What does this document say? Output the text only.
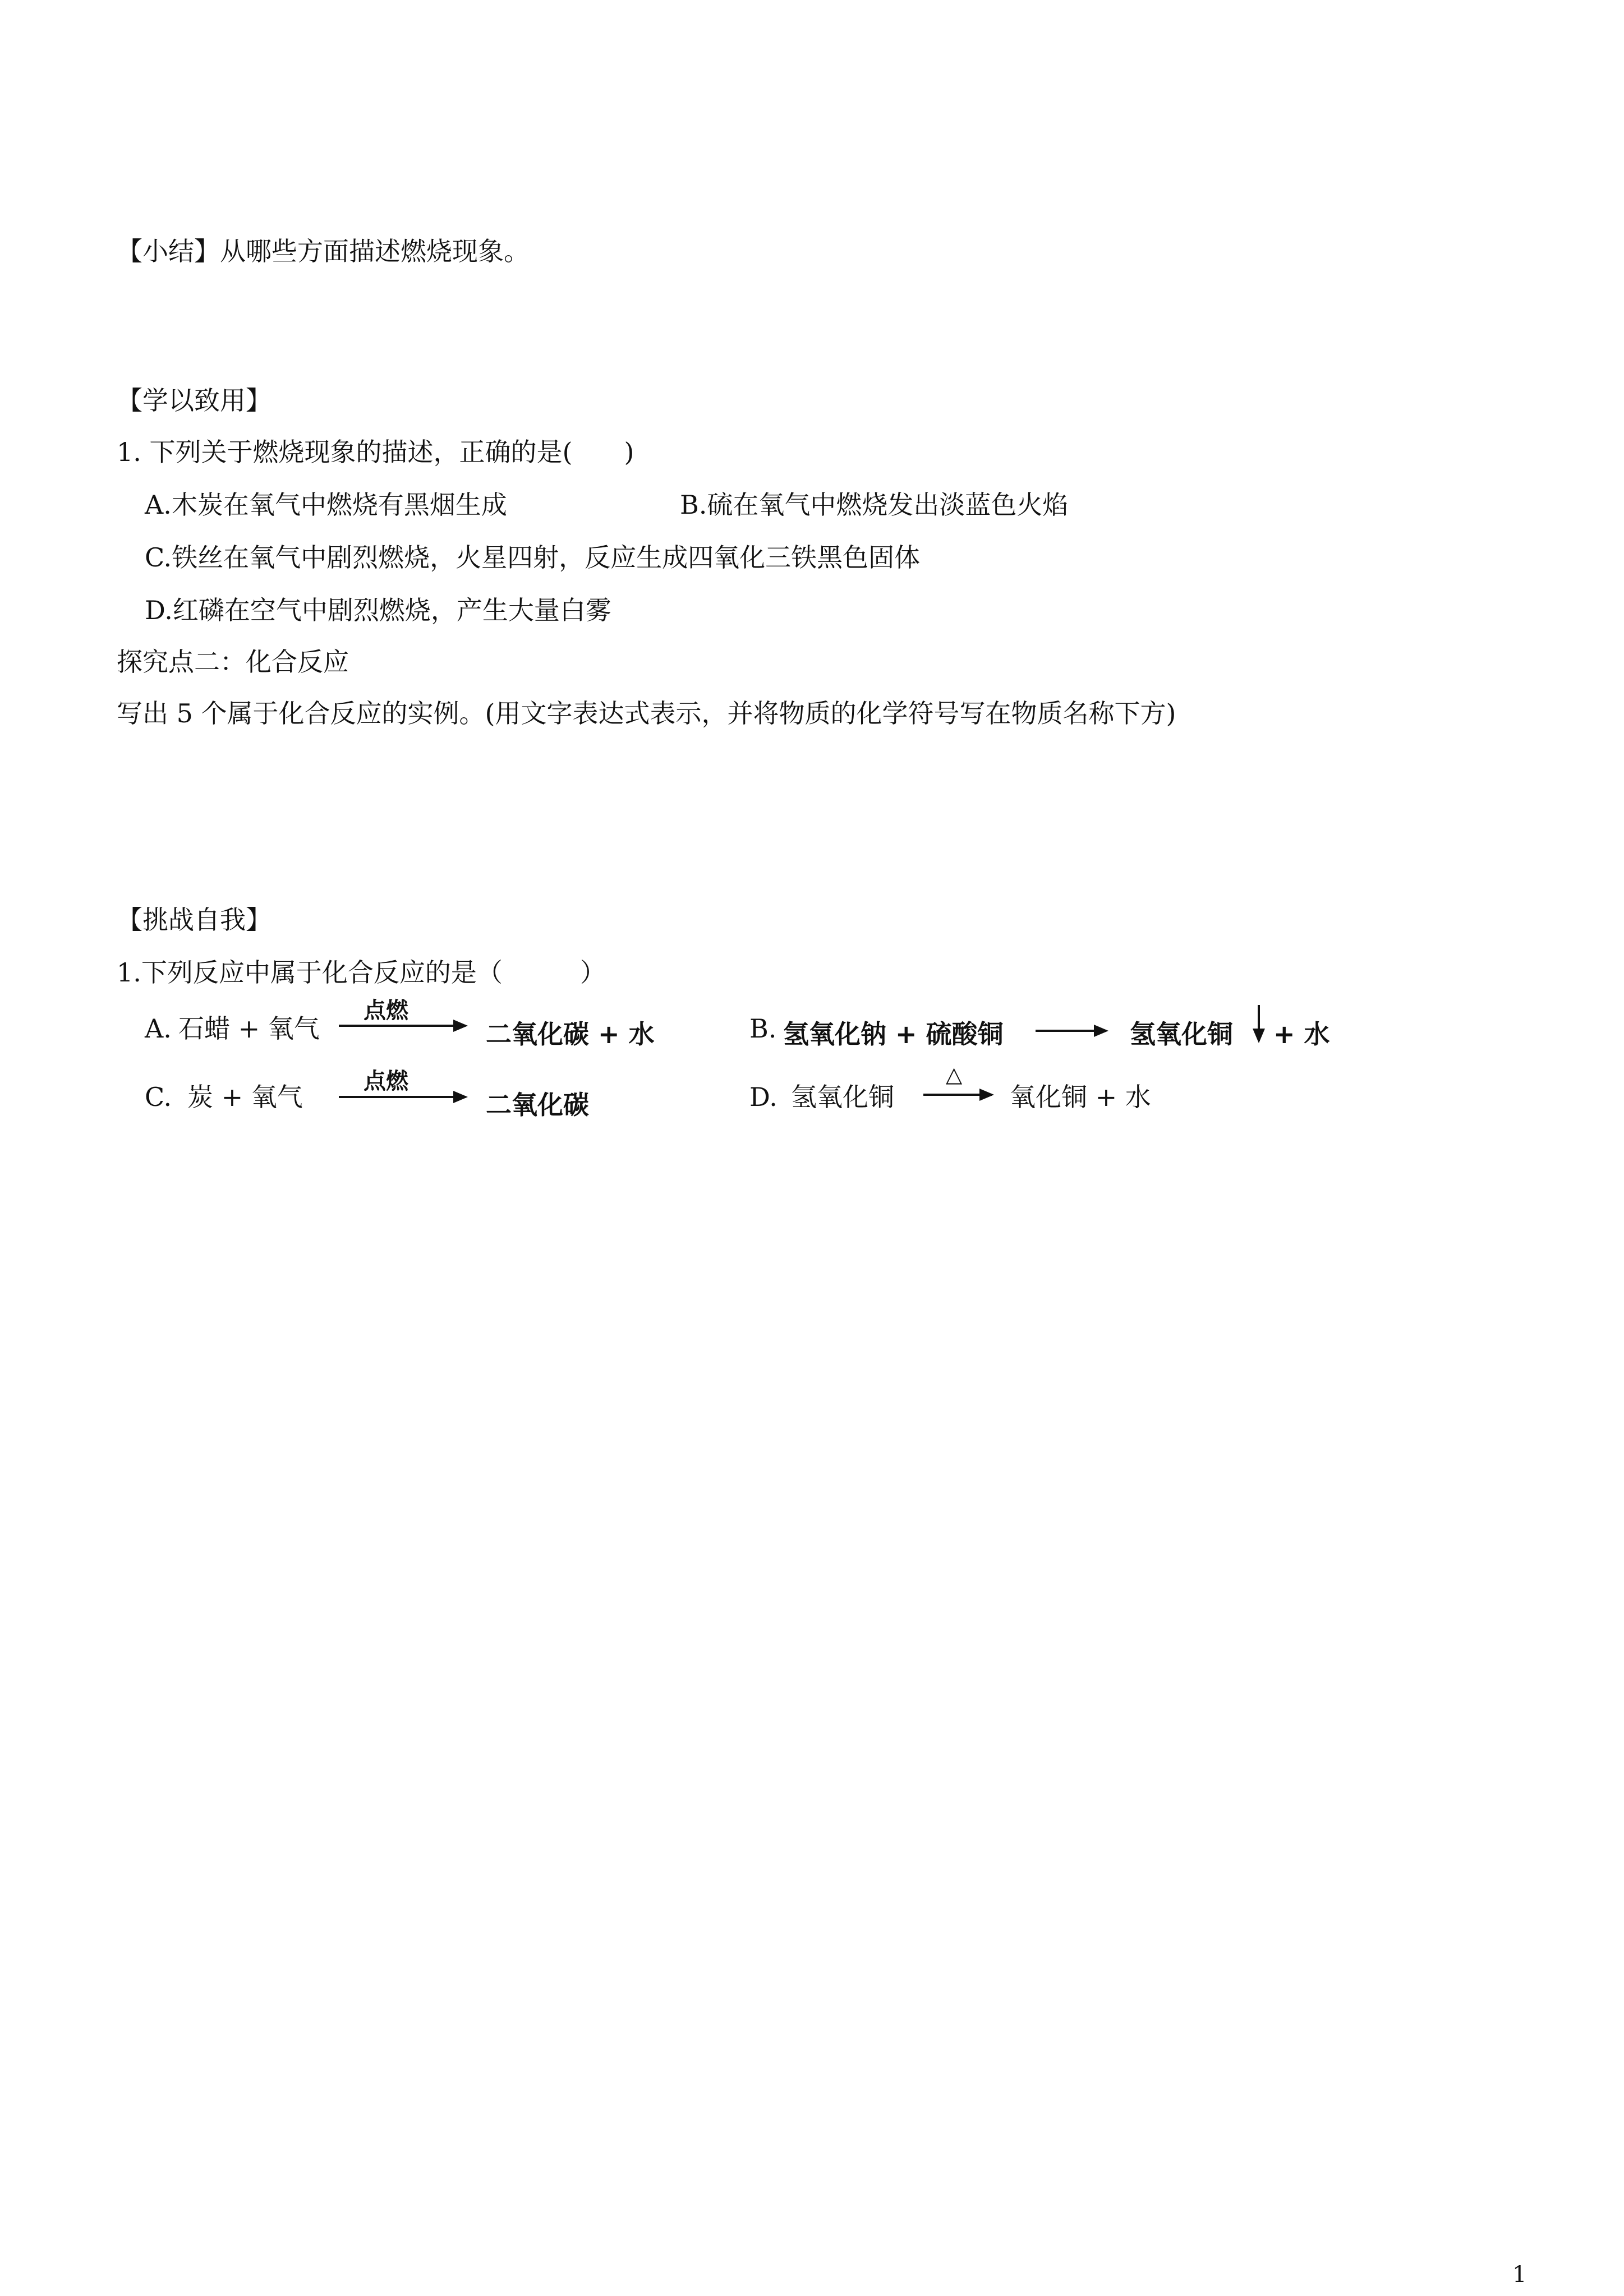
【小结】从哪些方面描述燃烧现象。
【学以致用】
1. 下列关于燃烧现象的描述，正确的是(　　)
A.木炭在氧气中燃烧有黑烟生成	B.硫在氧气中燃烧发出淡蓝色火焰
C.铁丝在氧气中剧烈燃烧，火星四射，反应生成四氧化三铁黑色固体
D.红磷在空气中剧烈燃烧，产生大量白雾
探究点二：化合反应
写出 5 个属于化合反应的实例。(用文字表达式表示，并将物质的化学符号写在物质名称下方)
【挑战自我】
1.下列反应中属于化合反应的是（　　　）
A. 石蜡 + 氧气
点燃
二氧化碳 + 水	B. 氢氧化钠 + 硫酸铜	氢氧化铜 + 水
C. 炭 + 氧气
点燃
二氧化碳	D. 氢氧化铜
△
氧化铜 + 水
1
